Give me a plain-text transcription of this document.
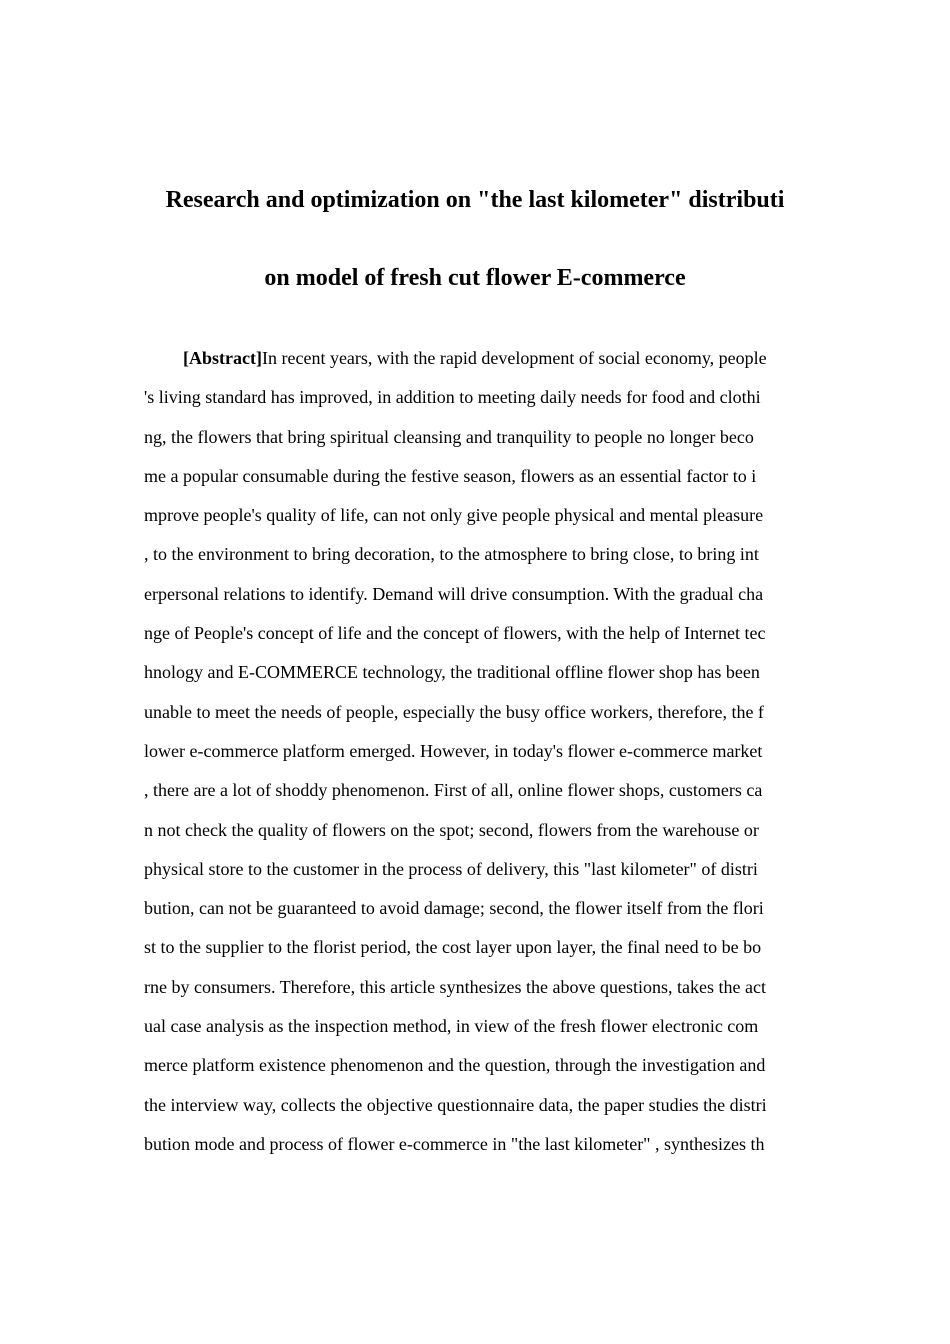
Research and optimization on "the last kilometer" distributi
on model of fresh cut flower E-commerce
[Abstract]In recent years, with the rapid development of social economy, people
's living standard has improved, in addition to meeting daily needs for food and clothi
ng, the flowers that bring spiritual cleansing and tranquility to people no longer beco
me a popular consumable during the festive season, flowers as an essential factor to i
mprove people's quality of life, can not only give people physical and mental pleasure
, to the environment to bring decoration, to the atmosphere to bring close, to bring int
erpersonal relations to identify. Demand will drive consumption. With the gradual cha
nge of People's concept of life and the concept of flowers, with the help of Internet tec
hnology and E-COMMERCE technology, the traditional offline flower shop has been
unable to meet the needs of people, especially the busy office workers, therefore, the f
lower e-commerce platform emerged. However, in today's flower e-commerce market
, there are a lot of shoddy phenomenon. First of all, online flower shops, customers ca
n not check the quality of flowers on the spot; second, flowers from the warehouse or
physical store to the customer in the process of delivery, this "last kilometer" of distri
bution, can not be guaranteed to avoid damage; second, the flower itself from the flori
st to the supplier to the florist period, the cost layer upon layer, the final need to be bo
rne by consumers. Therefore, this article synthesizes the above questions, takes the act
ual case analysis as the inspection method, in view of the fresh flower electronic com
merce platform existence phenomenon and the question, through the investigation and
the interview way, collects the objective questionnaire data, the paper studies the distri
bution mode and process of flower e-commerce in "the last kilometer" , synthesizes th
